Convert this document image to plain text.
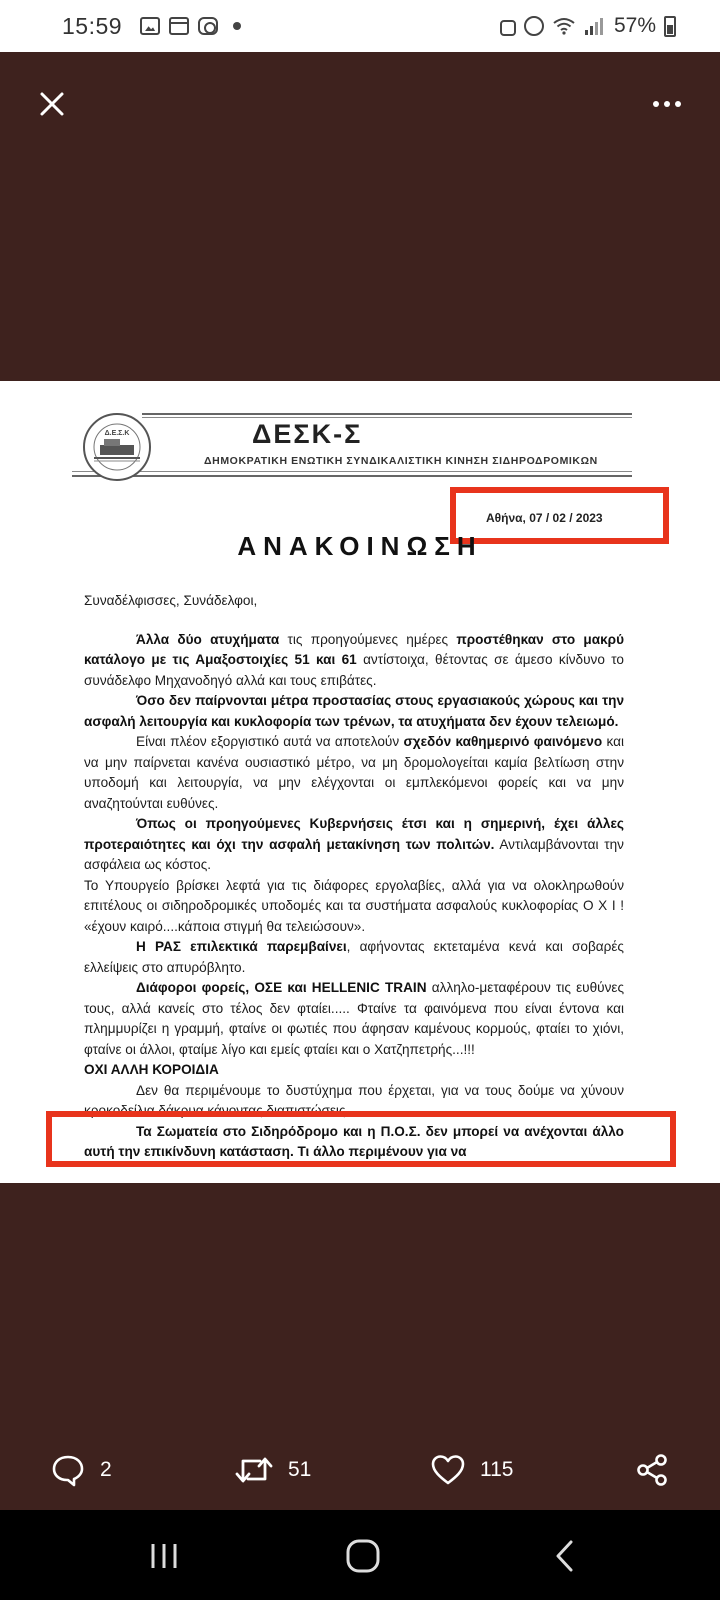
15:59	57%
Δ.Ε.Σ.Κ	ΔΕΣΚ-Σ
ΔΗΜΟΚΡΑΤΙΚΗ ΕΝΩΤΙΚΗ ΣΥΝΔΙΚΑΛΙΣΤΙΚΗ ΚΙΝΗΣΗ ΣΙΔΗΡΟΔΡΟΜΙΚΩΝ
Αθήνα, 07 / 02 / 2023
ΑΝΑΚΟΙΝΩΣΗ

Συναδέλφισσες, Συνάδελφοι,

Άλλα δύο ατυχήματα τις προηγούμενες ημέρες προστέθηκαν στο μακρύ κατάλογο με τις Αμαξοστοιχίες 51 και 61 αντίστοιχα, θέτοντας σε άμεσο κίνδυνο το συνάδελφο Μηχανοδηγό αλλά και τους επιβάτες.

Όσο δεν παίρνονται μέτρα προστασίας στους εργασιακούς χώρους και την ασφαλή λειτουργία και κυκλοφορία των τρένων, τα ατυχήματα δεν έχουν τελειωμό.

Είναι πλέον εξοργιστικό αυτά να αποτελούν σχεδόν καθημερινό φαινόμενο και να μην παίρνεται κανένα ουσιαστικό μέτρο, να μη δρομολογείται καμία βελτίωση στην υποδομή και λειτουργία, να μην ελέγχονται οι εμπλεκόμενοι φορείς και να μην αναζητούνται ευθύνες.

Όπως οι προηγούμενες Κυβερνήσεις έτσι και η σημερινή, έχει άλλες προτεραιότητες και όχι την ασφαλή μετακίνηση των πολιτών. Αντιλαμβάνονται την ασφάλεια ως κόστος.

Το Υπουργείο βρίσκει λεφτά για τις διάφορες εργολαβίες, αλλά για να ολοκληρωθούν επιτέλους οι σιδηροδρομικές υποδομές και τα συστήματα ασφαλούς κυκλοφορίας Ο Χ Ι ! «έχουν καιρό....κάποια στιγμή θα τελειώσουν».

Η ΡΑΣ επιλεκτικά παρεμβαίνει, αφήνοντας εκτεταμένα κενά και σοβαρές ελλείψεις στο απυρόβλητο.

Διάφοροι φορείς, ΟΣΕ και HELLENIC TRAIN αλληλο-μεταφέρουν τις ευθύνες τους, αλλά κανείς στο τέλος δεν φταίει..... Φταίνε τα φαινόμενα που είναι έντονα και πλημμυρίζει η γραμμή, φταίνε οι φωτιές που άφησαν καμένους κορμούς, φταίει το χιόνι, φταίνε οι άλλοι, φταίμε λίγο και εμείς φταίει και ο Χατζηπετρής...!!!

ΟΧΙ ΑΛΛΗ ΚΟΡΟΙΔΙΑ

Δεν θα περιμένουμε το δυστύχημα που έρχεται, για να τους δούμε να χύνουν κροκοδείλια δάκρυα κάνοντας διαπιστώσεις.

Τα Σωματεία στο Σιδηρόδρομο και η Π.Ο.Σ. δεν μπορεί να ανέχονται άλλο αυτή την επικίνδυνη κατάσταση. Τι άλλο περιμένουν για να

2	51	115
